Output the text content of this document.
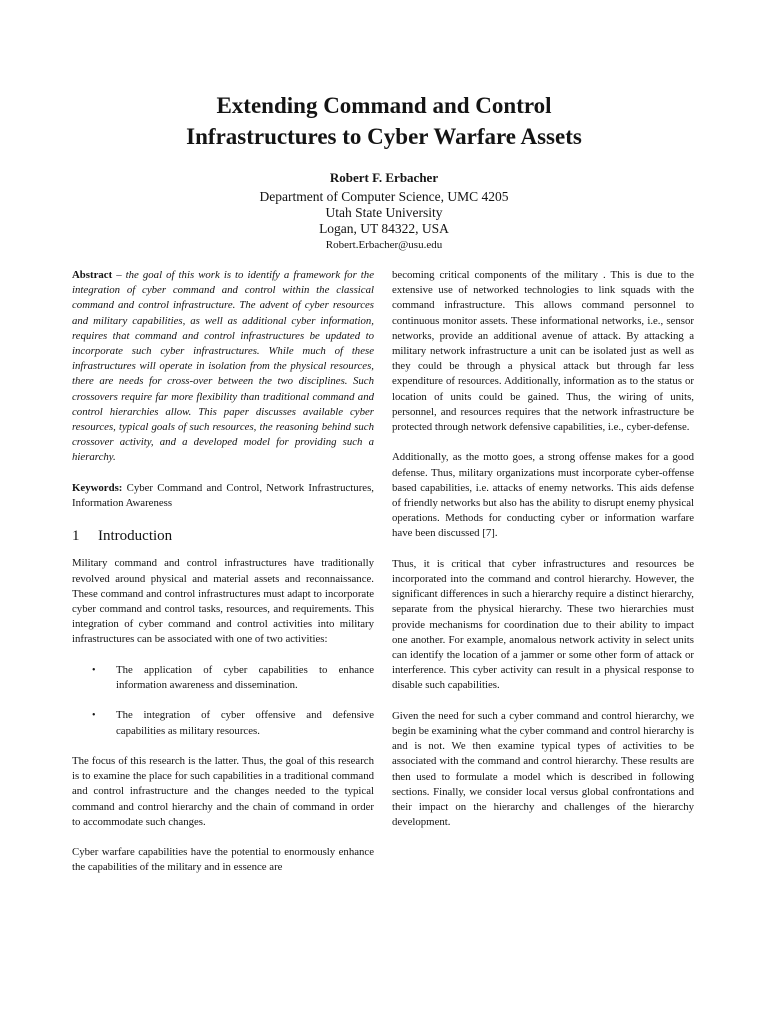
Extending Command and Control
Infrastructures to Cyber Warfare Assets
Robert F. Erbacher
Department of Computer Science, UMC 4205
Utah State University
Logan, UT 84322, USA
Robert.Erbacher@usu.edu

Abstract – the goal of this work is to identify a framework for the integration of cyber command and control within the classical command and control infrastructure. The advent of cyber resources and military capabilities, as well as additional cyber information, requires that command and control infrastructures be updated to incorporate such cyber infrastructures. While much of these infrastructures will operate in isolation from the physical resources, there are needs for cross-over between the two disciplines. Such crossovers require far more flexibility than traditional command and control hierarchies allow. This paper discusses available cyber resources, typical goals of such resources, the reasoning behind such crossover activity, and a developed model for providing such a hierarchy.

Keywords: Cyber Command and Control, Network Infrastructures, Information Awareness

1 Introduction

Military command and control infrastructures have traditionally revolved around physical and material assets and reconnaissance. These command and control infrastructures must adapt to incorporate cyber command and control tasks, resources, and requirements. This integration of cyber command and control activities into military infrastructures can be associated with one of two activities:

• The application of cyber capabilities to enhance information awareness and dissemination.
• The integration of cyber offensive and defensive capabilities as military resources.

The focus of this research is the latter. Thus, the goal of this research is to examine the place for such capabilities in a traditional command and control infrastructure and the changes needed to the typical command and control hierarchy and the chain of command in order to accommodate such changes.

Cyber warfare capabilities have the potential to enormously enhance the capabilities of the military and in essence are

becoming critical components of the military . This is due to the extensive use of networked technologies to link squads with the command infrastructure. This allows command personnel to continuous monitor assets. These informational networks, i.e., sensor networks, provide an additional avenue of attack. By attacking a military network infrastructure a unit can be isolated just as well as they could be through a physical attack but through far less expenditure of resources. Additionally, information as to the status or location of units could be gained. Thus, the wiring of units, personnel, and resources requires that the network infrastructure be protected through network defensive capabilities, i.e., cyber-defense.

Additionally, as the motto goes, a strong offense makes for a good defense. Thus, military organizations must incorporate cyber-offense based capabilities, i.e. attacks of enemy networks. This aids defense of friendly networks but also has the ability to disrupt enemy physical operations. Methods for conducting cyber or information warfare have been discussed [7].

Thus, it is critical that cyber infrastructures and resources be incorporated into the command and control hierarchy. However, the significant differences in such a hierarchy require a distinct hierarchy, separate from the physical hierarchy. These two hierarchies must provide mechanisms for coordination due to their ability to impact one another. For example, anomalous network activity in select units can identify the location of a jammer or some other form of attack or interference. This cyber activity can result in a physical response to disable such capabilities.

Given the need for such a cyber command and control hierarchy, we begin be examining what the cyber command and control hierarchy is and is not. We then examine typical types of activities to be associated with the command and control hierarchy. These results are then used to formulate a model which is described in following sections. Finally, we consider local versus global confrontations and their impact on the hierarchy and challenges of the hierarchy development.
